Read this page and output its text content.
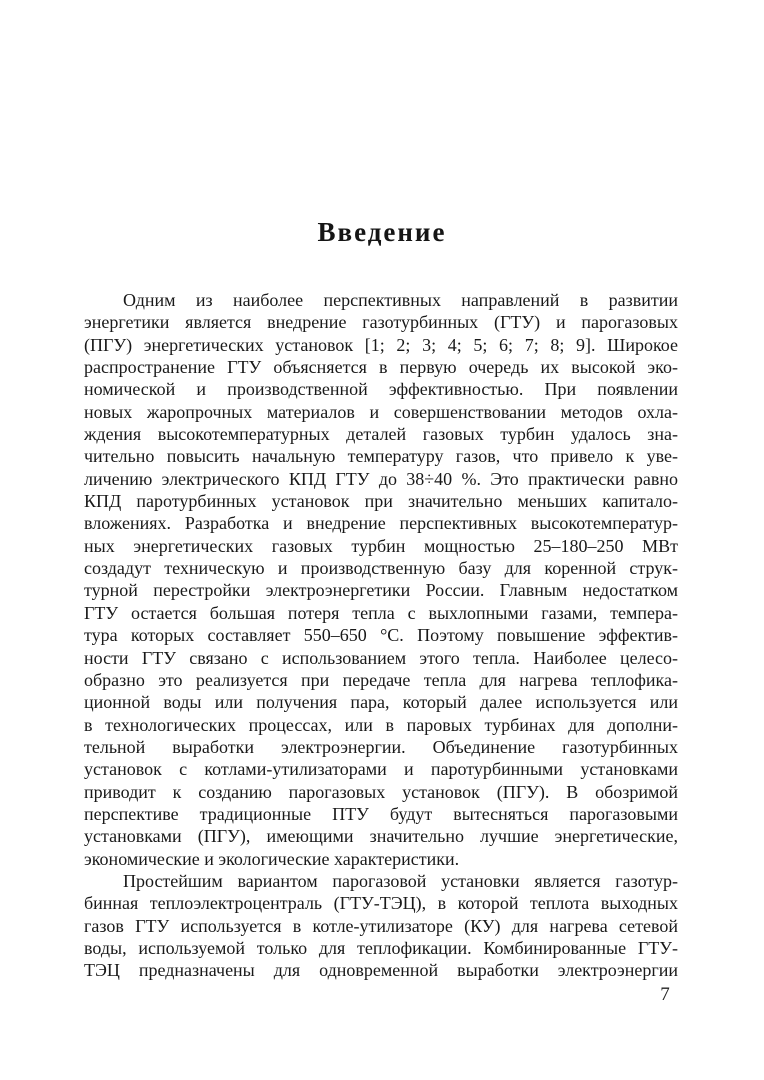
Введение
Одним из наиболее перспективных направлений в развитии
энергетики является внедрение газотурбинных (ГТУ) и парогазовых
(ПГУ) энергетических установок [1; 2; 3; 4; 5; 6; 7; 8; 9]. Широкое
распространение ГТУ объясняется в первую очередь их высокой эко-
номической и производственной эффективностью. При появлении
новых жаропрочных материалов и совершенствовании методов охла-
ждения высокотемпературных деталей газовых турбин удалось зна-
чительно повысить начальную температуру газов, что привело к уве-
личению электрического КПД ГТУ до 38÷40 %. Это практически равно
КПД паротурбинных установок при значительно меньших капитало-
вложениях. Разработка и внедрение перспективных высокотемператур-
ных энергетических газовых турбин мощностью 25–180–250 МВт
создадут техническую и производственную базу для коренной струк-
турной перестройки электроэнергетики России. Главным недостатком
ГТУ остается большая потеря тепла с выхлопными газами, темпера-
тура которых составляет 550–650 °С. Поэтому повышение эффектив-
ности ГТУ связано с использованием этого тепла. Наиболее целесо-
образно это реализуется при передаче тепла для нагрева теплофика-
ционной воды или получения пара, который далее используется или
в технологических процессах, или в паровых турбинах для дополни-
тельной выработки электроэнергии. Объединение газотурбинных
установок с котлами-утилизаторами и паротурбинными установками
приводит к созданию парогазовых установок (ПГУ). В обозримой
перспективе традиционные ПТУ будут вытесняться парогазовыми
установками (ПГУ), имеющими значительно лучшие энергетические,
экономические и экологические характеристики.
Простейшим вариантом парогазовой установки является газотур-
бинная теплоэлектроцентраль (ГТУ-ТЭЦ), в которой теплота выходных
газов ГТУ используется в котле-утилизаторе (КУ) для нагрева сетевой
воды, используемой только для теплофикации. Комбинированные ГТУ-
ТЭЦ предназначены для одновременной выработки электроэнергии
7
